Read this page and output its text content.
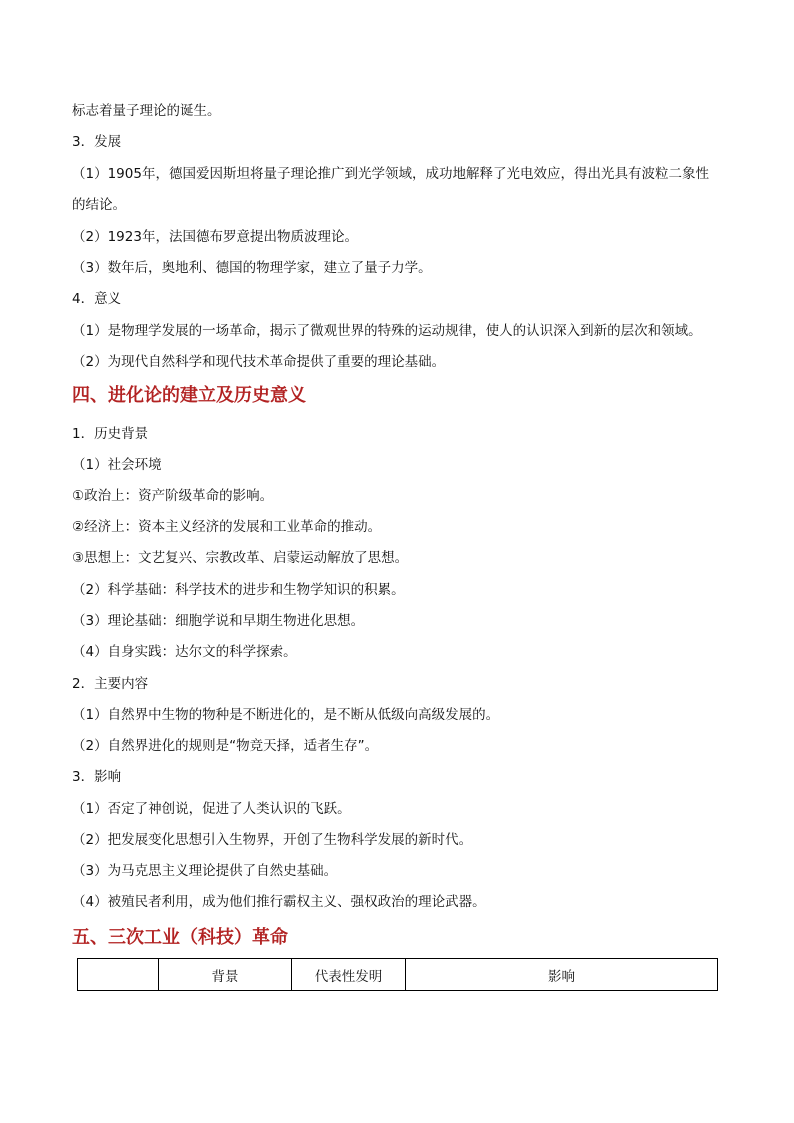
标志着量子理论的诞生。
3．发展
（1）1905年，德国爱因斯坦将量子理论推广到光学领域，成功地解释了光电效应，得出光具有波粒二象性
的结论。
（2）1923年，法国德布罗意提出物质波理论。
（3）数年后，奥地利、德国的物理学家，建立了量子力学。
4．意义
（1）是物理学发展的一场革命，揭示了微观世界的特殊的运动规律，使人的认识深入到新的层次和领域。
（2）为现代自然科学和现代技术革命提供了重要的理论基础。
四、进化论的建立及历史意义
1．历史背景
（1）社会环境
①政治上：资产阶级革命的影响。
②经济上：资本主义经济的发展和工业革命的推动。
③思想上：文艺复兴、宗教改革、启蒙运动解放了思想。
（2）科学基础：科学技术的进步和生物学知识的积累。
（3）理论基础：细胞学说和早期生物进化思想。
（4）自身实践：达尔文的科学探索。
2．主要内容
（1）自然界中生物的物种是不断进化的，是不断从低级向高级发展的。
（2）自然界进化的规则是“物竞天择，适者生存”。
3．影响
（1）否定了神创说，促进了人类认识的飞跃。
（2）把发展变化思想引入生物界，开创了生物科学发展的新时代。
（3）为马克思主义理论提供了自然史基础。
（4）被殖民者利用，成为他们推行霸权主义、强权政治的理论武器。
五、三次工业（科技）革命
	背景	代表性发明	影响
